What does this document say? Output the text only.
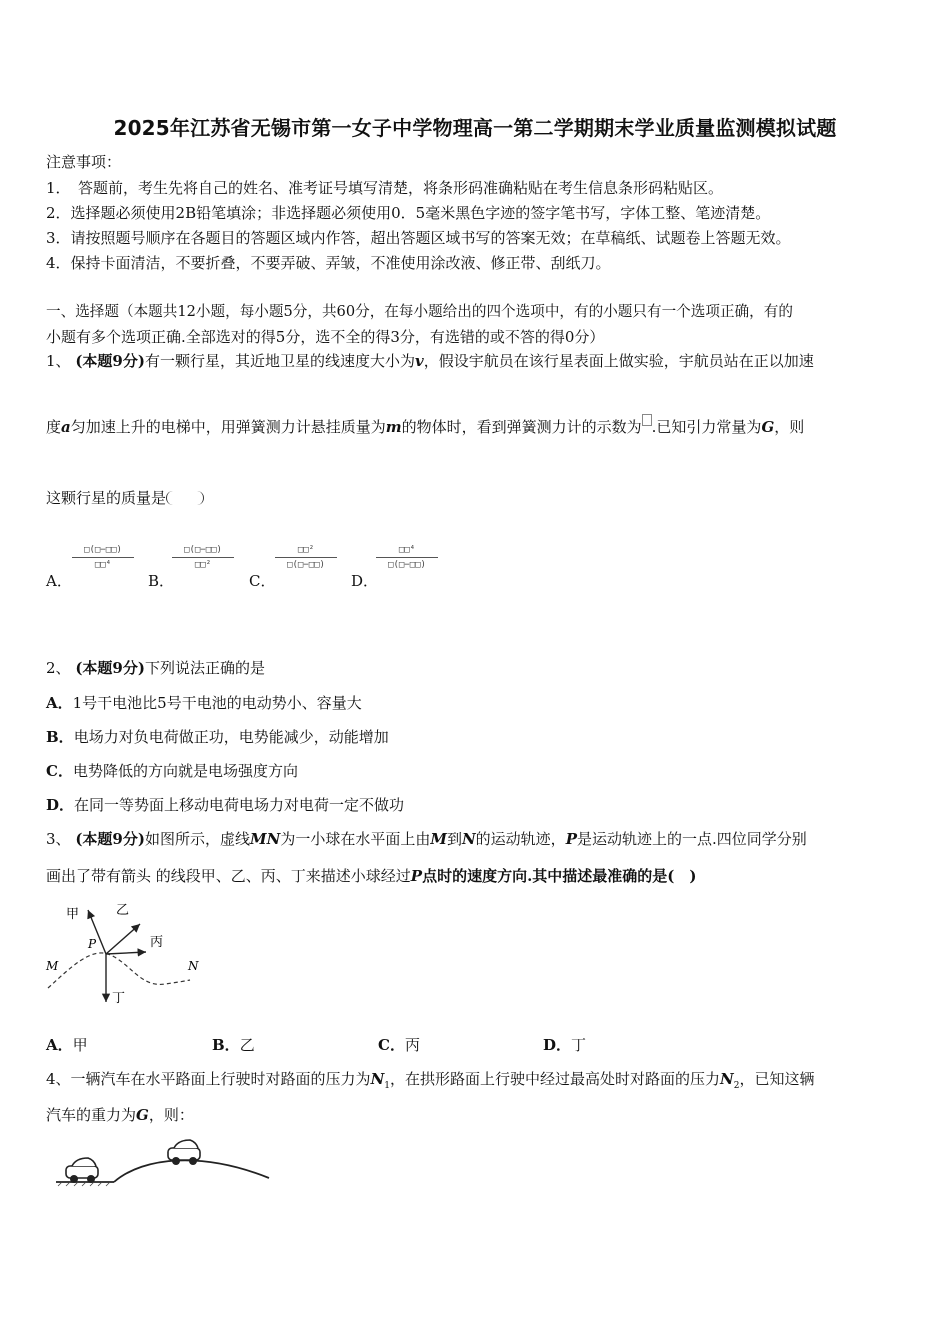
2025年江苏省无锡市第一女子中学物理高一第二学期期末学业质量监测模拟试题
注意事项：
1．　答题前，考生先将自己的姓名、准考证号填写清楚，将条形码准确粘贴在考生信息条形码粘贴区。
2．选择题必须使用2B铅笔填涂；非选择题必须使用0．5毫米黑色字迹的签字笔书写，字体工整、笔迹清楚。
3．请按照题号顺序在各题目的答题区域内作答，超出答题区域书写的答案无效；在草稿纸、试题卷上答题无效。
4．保持卡面清洁，不要折叠，不要弄破、弄皱，不准使用涂改液、修正带、刮纸刀。
一、选择题（本题共12小题，每小题5分，共60分，在每小题给出的四个选项中，有的小题只有一个选项正确，有的
小题有多个选项正确.全部选对的得5分，选不全的得3分，有选错的或不答的得0分）
1、 (本题9分)有一颗行星，其近地卫星的线速度大小为v，假设宇航员在该行星表面上做实验，宇航员站在正以加速
度a匀加速上升的电梯中，用弹簧测力计悬挂质量为m的物体时，看到弹簧测力计的示数为 .已知引力常量为G，则
这颗行星的质量是
A．
□(□−□□)
□□⁴
B．
□(□−□□)
□□²
C．
□□²
□(□−□□)
D．
□□⁴
□(□−□□)
2、 (本题9分)下列说法正确的是
A．1号干电池比5号干电池的电动势小、容量大
B．电场力对负电荷做正功，电势能减少，动能增加
C．电势降低的方向就是电场强度方向
D．在同一等势面上移动电荷电场力对电荷一定不做功
3、 (本题9分)如图所示，虚线MN为一小球在水平面上由M到N的运动轨迹，P是运动轨迹上的一点.四位同学分别
画出了带有箭头 的线段甲、乙、丙、丁来描述小球经过P点时的速度方向.其中描述最准确的是(　)
甲	乙
丙
丁
P
M	N
A．甲	B．乙	C．丙	D．丁
4、一辆汽车在水平路面上行驶时对路面的压力为$N_1$，在拱形路面上行驶中经过最高处时对路面的压力$N_2$，已知这辆
汽车的重力为G，则：
